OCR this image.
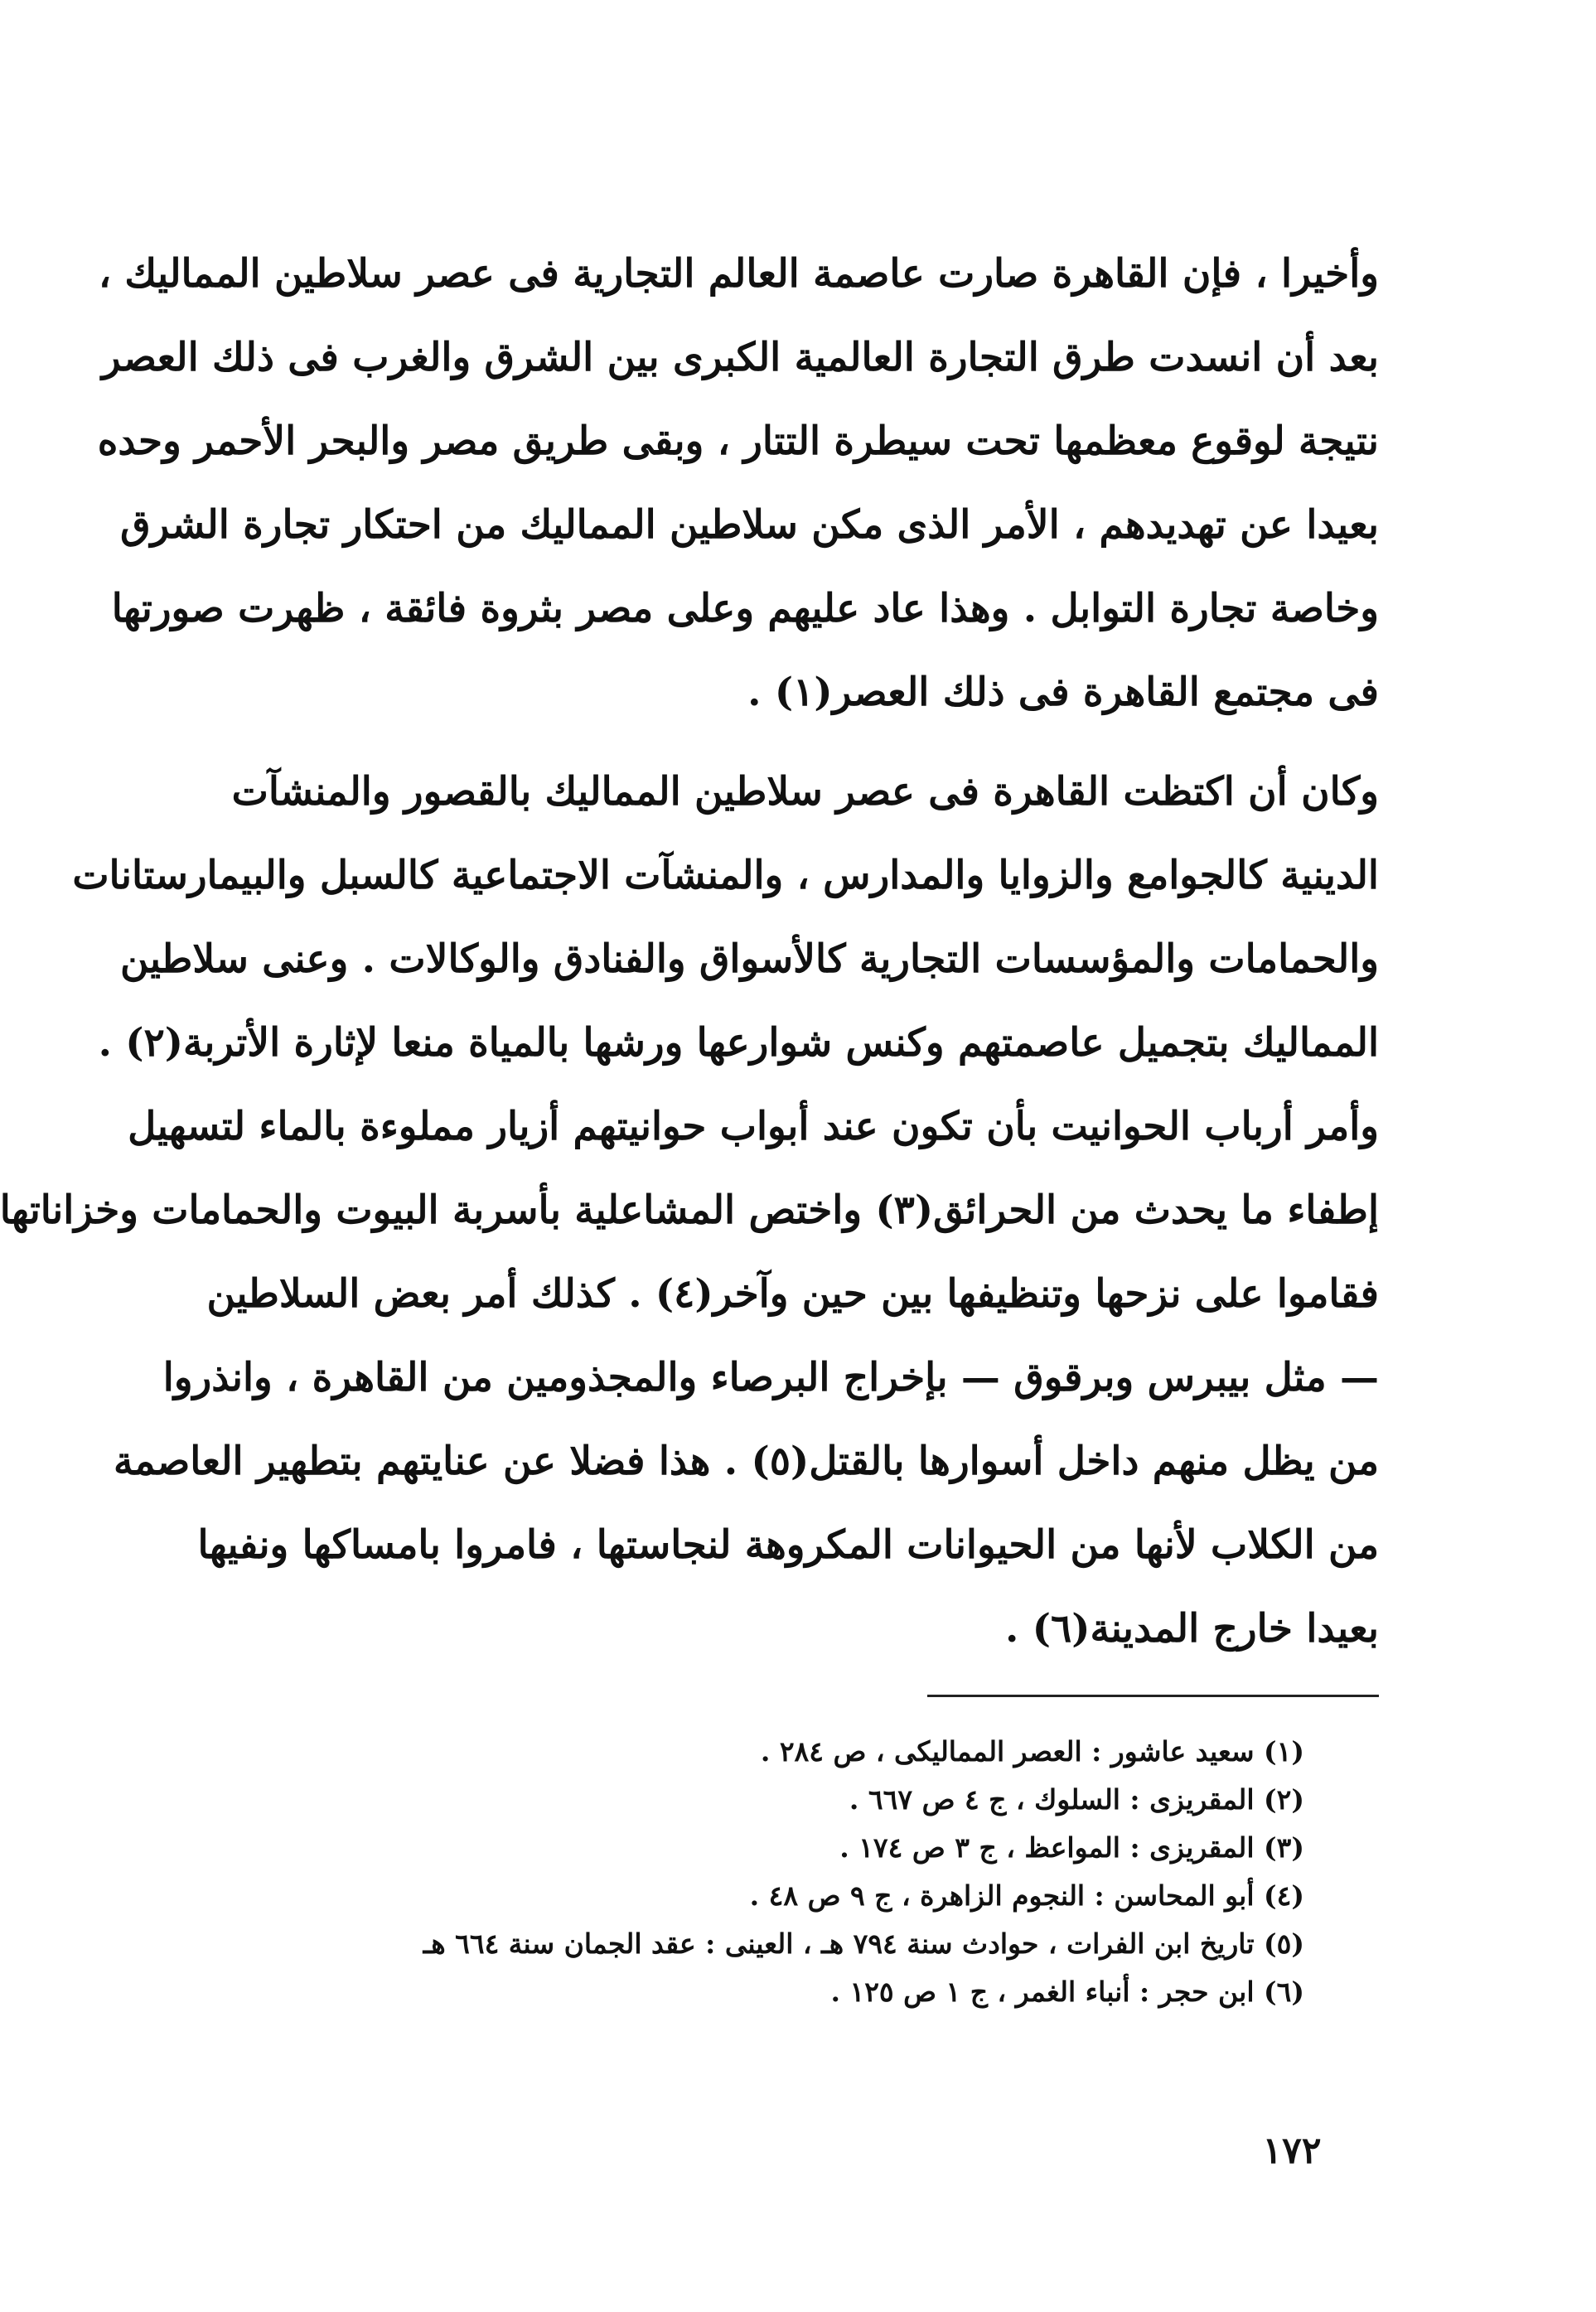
وأخيرا ، فإن القاهرة صارت عاصمة العالم التجارية فى عصر سلاطين المماليك ،
بعد أن انسدت طرق التجارة العالمية الكبرى بين الشرق والغرب فى ذلك العصر
نتيجة لوقوع معظمها تحت سيطرة التتار ، وبقى طريق مصر والبحر الأحمر وحده
بعيدا عن تهديدهم ، الأمر الذى مكن سلاطين المماليك من احتكار تجارة الشرق
وخاصة تجارة التوابل . وهذا عاد عليهم وعلى مصر بثروة فائقة ، ظهرت صورتها
فى مجتمع القاهرة فى ذلك العصر(١) .

وكان أن اكتظت القاهرة فى عصر سلاطين المماليك بالقصور والمنشآت
الدينية كالجوامع والزوايا والمدارس ، والمنشآت الاجتماعية كالسبل والبيمارستانات
والحمامات والمؤسسات التجارية كالأسواق والفنادق والوكالات . وعنى سلاطين
المماليك بتجميل عاصمتهم وكنس شوارعها ورشها بالمياة منعا لإثارة الأتربة(٢) .
وأمر أرباب الحوانيت بأن تكون عند أبواب حوانيتهم أزيار مملوءة بالماء لتسهيل
إطفاء ما يحدث من الحرائق(٣) واختص المشاعلية بأسربة البيوت والحمامات وخزاناتها
فقاموا على نزحها وتنظيفها بين حين وآخر(٤) . كذلك أمر بعض السلاطين
— مثل بيبرس وبرقوق — بإخراج البرصاء والمجذومين من القاهرة ، وانذروا
من يظل منهم داخل أسوارها بالقتل(٥) . هذا فضلا عن عنايتهم بتطهير العاصمة
من الكلاب لأنها من الحيوانات المكروهة لنجاستها ، فامروا بامساكها ونفيها
بعيدا خارج المدينة(٦) .

(١) سعيد عاشور : العصر المماليكى ، ص ٢٨٤ .
(٢) المقريزى : السلوك ، ج ٤ ص ٦٦٧ .
(٣) المقريزى : المواعظ ، ج ٣ ص ١٧٤ .
(٤) أبو المحاسن : النجوم الزاهرة ، ج ٩ ص ٤٨ .
(٥) تاريخ ابن الفرات ، حوادث سنة ٧٩٤ هـ ، العينى : عقد الجمان سنة ٦٦٤ هـ
(٦) ابن حجر : أنباء الغمر ، ج ١ ص ١٢٥ .
١٧٢
